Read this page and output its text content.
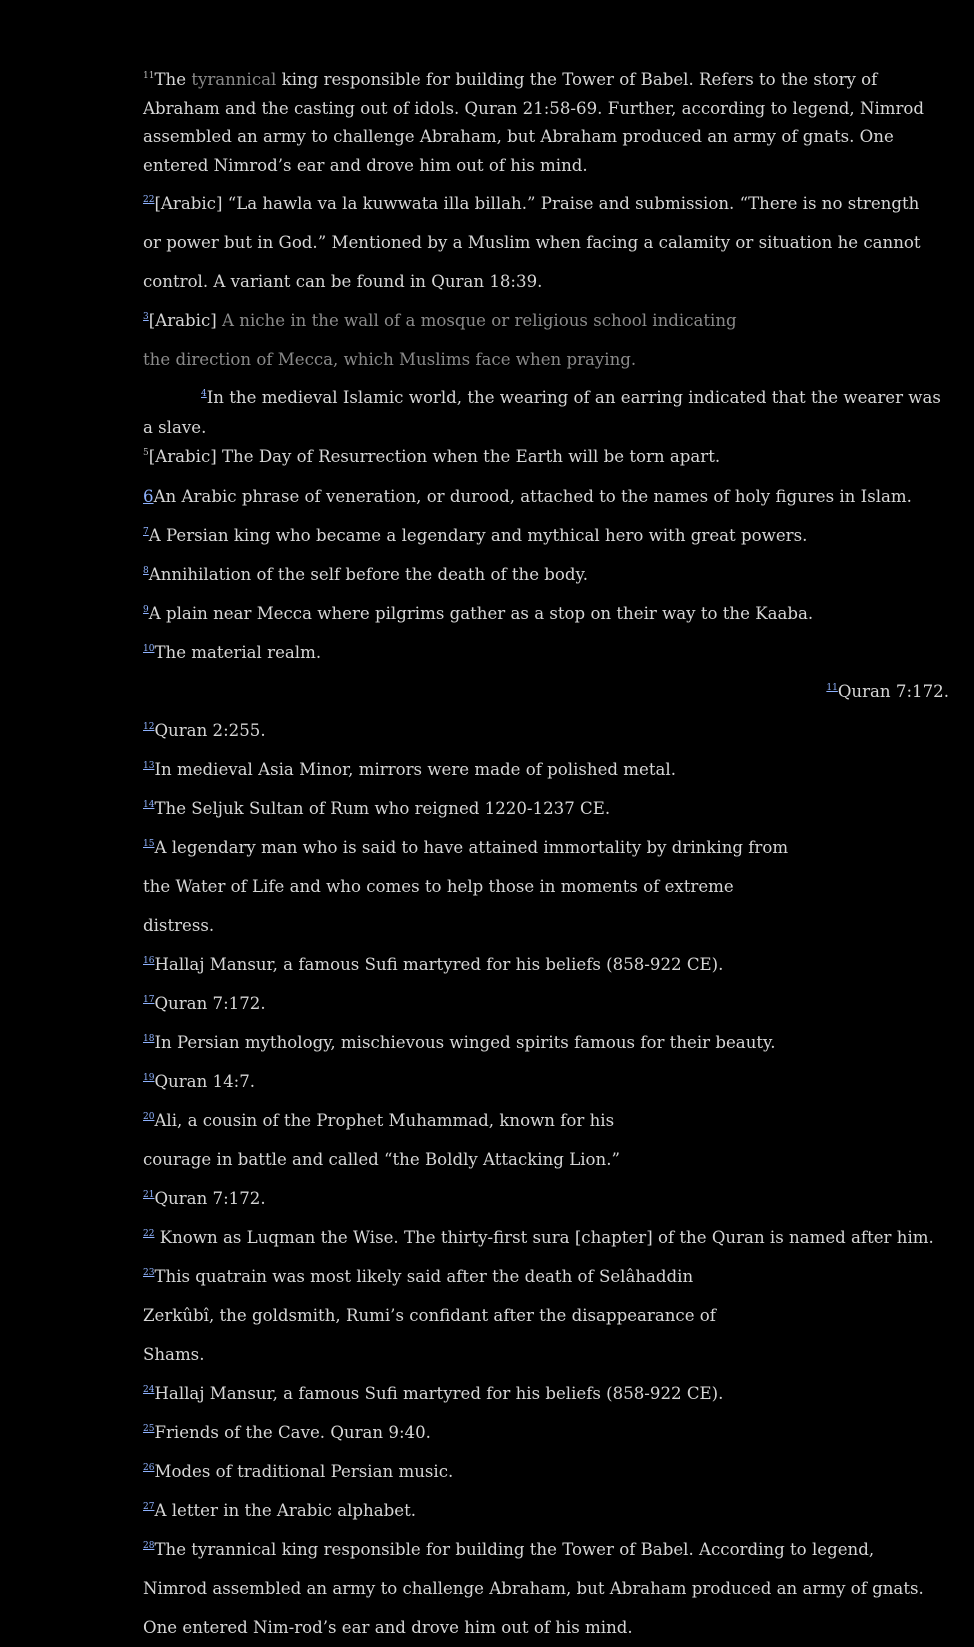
$^{11}$The tyrannical king responsible for building the Tower of Babel. Refers to the story of Abraham and the casting out of idols. Quran 21:58-69. Further, according to legend, Nimrod assembled an army to challenge Abraham, but Abraham produced an army of gnats. One entered Nimrod’s ear and drove him out of his mind.

$^{22}$[Arabic] “La hawla va la kuwwata illa billah.” Praise and submission. “There is no strength or power but in God.” Mentioned by a Muslim when facing a calamity or situation he cannot control. A variant can be found in Quran 18:39.

$^3$[Arabic] A niche in the wall of a mosque or religious school indicating the direction of Mecca, which Muslims face when praying.

$^4$In the medieval Islamic world, the wearing of an earring indicated that the wearer was a slave.

$^5$[Arabic] The Day of Resurrection when the Earth will be torn apart.

6An Arabic phrase of veneration, or durood, attached to the names of holy figures in Islam.

$^7$A Persian king who became a legendary and mythical hero with great powers.

$^8$Annihilation of the self before the death of the body.

$^9$A plain near Mecca where pilgrims gather as a stop on their way to the Kaaba.

$^{10}$The material realm.

$^{11}$Quran 7:172.

$^{12}$Quran 2:255.

$^{13}$In medieval Asia Minor, mirrors were made of polished metal.

$^{14}$The Seljuk Sultan of Rum who reigned 1220-1237 CE.

$^{15}$A legendary man who is said to have attained immortality by drinking from the Water of Life and who comes to help those in moments of extreme distress.

$^{16}$Hallaj Mansur, a famous Sufi martyred for his beliefs (858-922 CE).

$^{17}$Quran 7:172.

$^{18}$In Persian mythology, mischievous winged spirits famous for their beauty.

$^{19}$Quran 14:7.

$^{20}$Ali, a cousin of the Prophet Muhammad, known for his courage in battle and called “the Boldly Attacking Lion.”

$^{21}$Quran 7:172.

$^{22}$ Known as Luqman the Wise. The thirty-first sura [chapter] of the Quran is named after him.

$^{23}$This quatrain was most likely said after the death of Selâhaddin Zerkûbî, the goldsmith, Rumi’s confidant after the disappearance of Shams.

$^{24}$Hallaj Mansur, a famous Sufi martyred for his beliefs (858-922 CE).

$^{25}$Friends of the Cave. Quran 9:40.

$^{26}$Modes of traditional Persian music.

$^{27}$A letter in the Arabic alphabet.

$^{28}$The tyrannical king responsible for building the Tower of Babel. According to legend, Nimrod assembled an army to challenge Abraham, but Abraham produced an army of gnats. One entered Nim-rod’s ear and drove him out of his mind.
